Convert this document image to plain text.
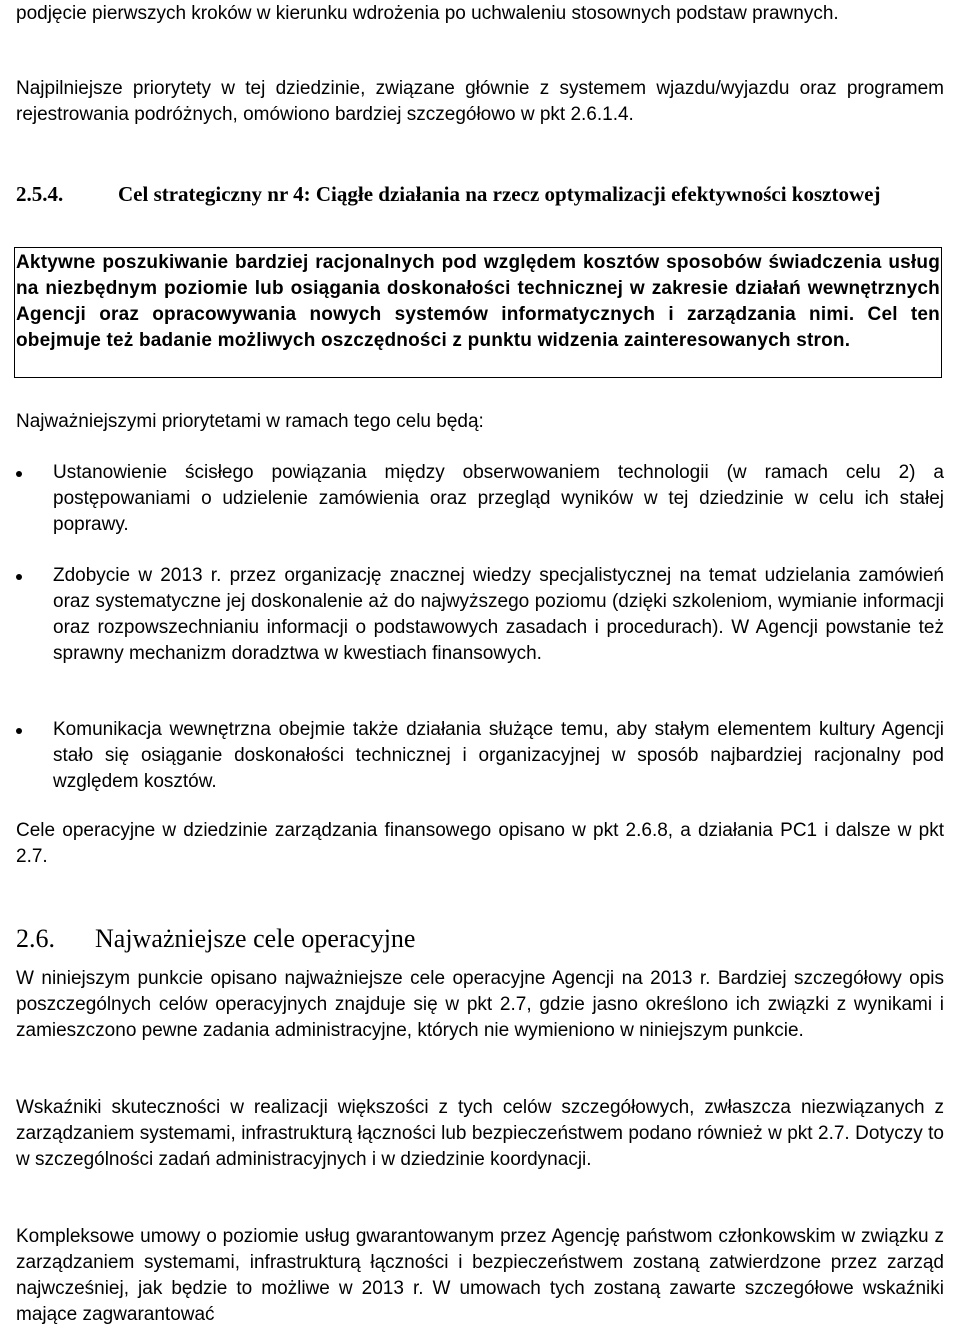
podjęcie pierwszych kroków w kierunku wdrożenia po uchwaleniu stosownych podstaw prawnych.

Najpilniejsze priorytety w tej dziedzinie, związane głównie z systemem wjazdu/wyjazdu oraz programem rejestrowania podróżnych, omówiono bardziej szczegółowo w pkt 2.6.1.4.

2.5.4.	Cel strategiczny nr 4: Ciągłe działania na rzecz optymalizacji efektywności kosztowej

Aktywne poszukiwanie bardziej racjonalnych pod względem kosztów sposobów świadczenia usług na niezbędnym poziomie lub osiągania doskonałości technicznej w zakresie działań wewnętrznych Agencji oraz opracowywania nowych systemów informatycznych i zarządzania nimi. Cel ten obejmuje też badanie możliwych oszczędności z punktu widzenia zainteresowanych stron.

Najważniejszymi priorytetami w ramach tego celu będą:

Ustanowienie ścisłego powiązania między obserwowaniem technologii (w ramach celu 2) a postępowaniami o udzielenie zamówienia oraz przegląd wyników w tej dziedzinie w celu ich stałej poprawy.

Zdobycie w 2013 r. przez organizację znacznej wiedzy specjalistycznej na temat udzielania zamówień oraz systematyczne jej doskonalenie aż do najwyższego poziomu (dzięki szkoleniom, wymianie informacji oraz rozpowszechnianiu informacji o podstawowych zasadach i procedurach). W Agencji powstanie też sprawny mechanizm doradztwa w kwestiach finansowych.

Komunikacja wewnętrzna obejmie także działania służące temu, aby stałym elementem kultury Agencji stało się osiąganie doskonałości technicznej i organizacyjnej w sposób najbardziej racjonalny pod względem kosztów.

Cele operacyjne w dziedzinie zarządzania finansowego opisano w pkt 2.6.8, a działania PC1 i dalsze w pkt 2.7.

2.6. Najważniejsze cele operacyjne

W niniejszym punkcie opisano najważniejsze cele operacyjne Agencji na 2013 r. Bardziej szczegółowy opis poszczególnych celów operacyjnych znajduje się w pkt 2.7, gdzie jasno określono ich związki z wynikami i zamieszczono pewne zadania administracyjne, których nie wymieniono w niniejszym punkcie.

Wskaźniki skuteczności w realizacji większości z tych celów szczegółowych, zwłaszcza niezwiązanych z zarządzaniem systemami, infrastrukturą łączności lub bezpieczeństwem podano również w pkt 2.7. Dotyczy to w szczególności zadań administracyjnych i w dziedzinie koordynacji.

Kompleksowe umowy o poziomie usług gwarantowanym przez Agencję państwom członkowskim w związku z zarządzaniem systemami, infrastrukturą łączności i bezpieczeństwem zostaną zatwierdzone przez zarząd najwcześniej, jak będzie to możliwe w 2013 r. W umowach tych zostaną zawarte szczegółowe wskaźniki mające zagwarantować
